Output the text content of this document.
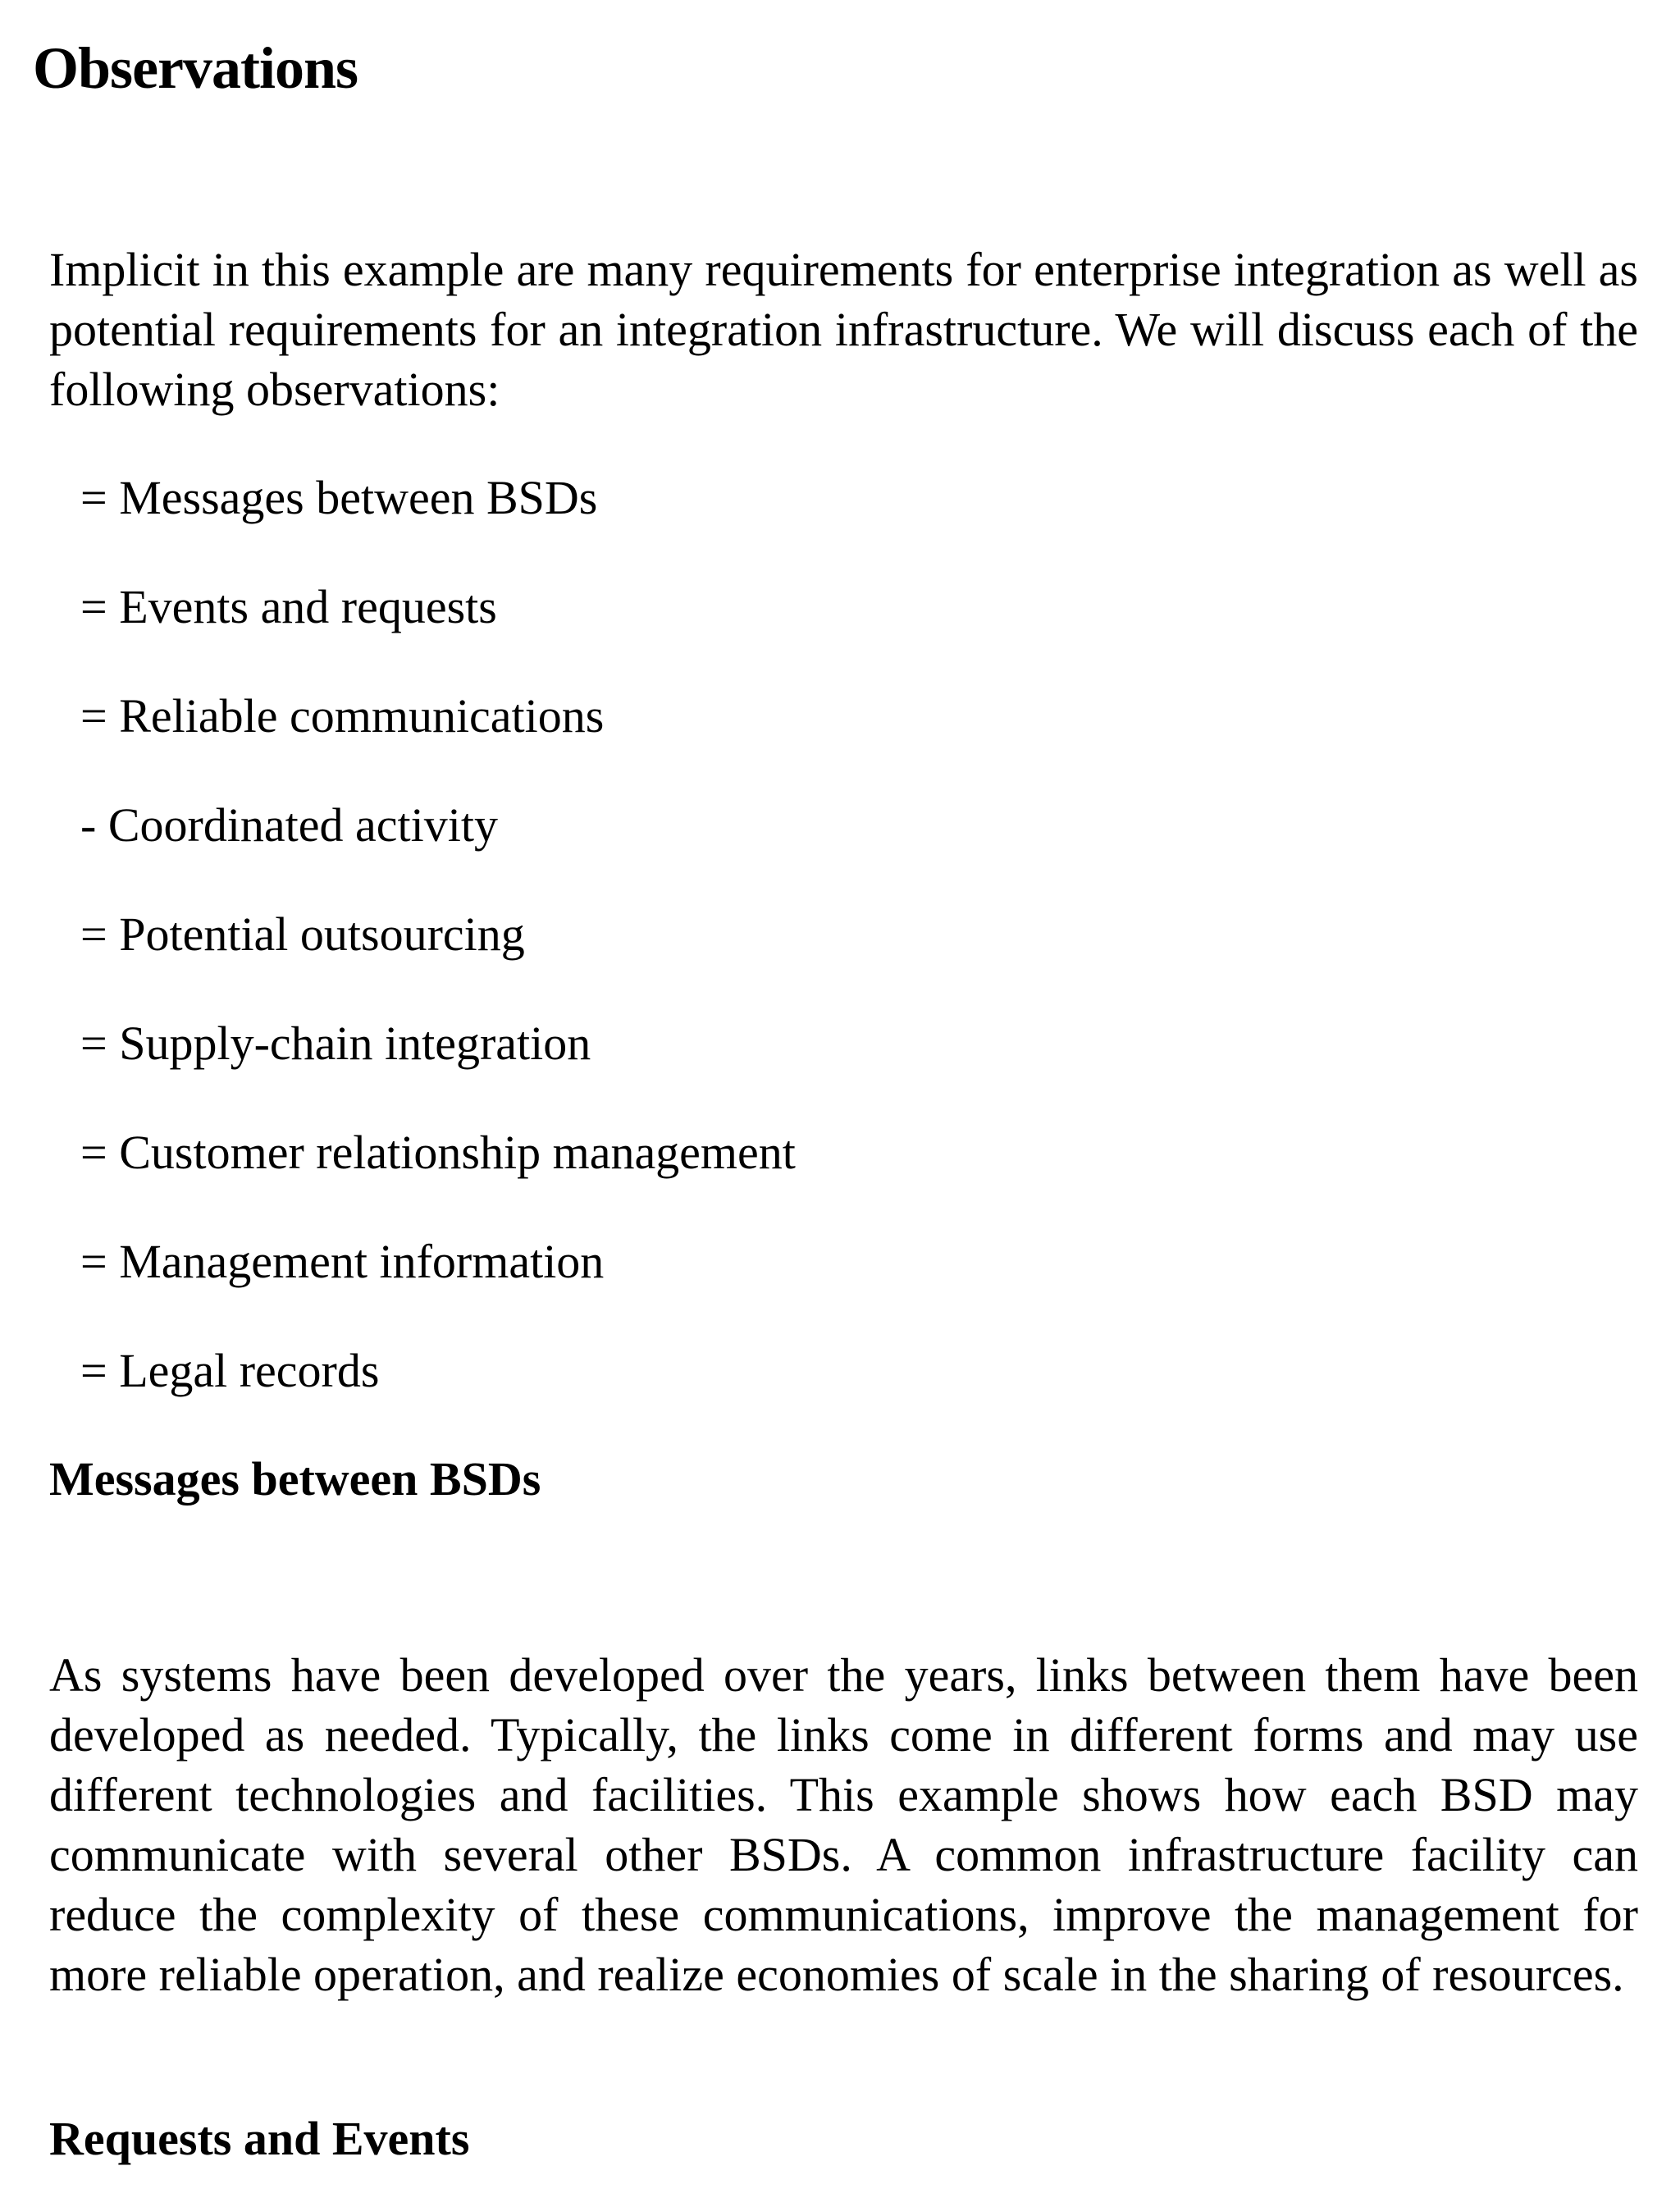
Observations

Implicit in this example are many requirements for enterprise integration as well as potential requirements for an integration infrastructure. We will discuss each of the following observations:

= Messages between BSDs
= Events and requests
= Reliable communications
- Coordinated activity
= Potential outsourcing
= Supply-chain integration
= Customer relationship management
= Management information
= Legal records
Messages between BSDs

As systems have been developed over the years, links between them have been developed as needed. Typically, the links come in different forms and may use different technologies and facilities. This example shows how each BSD may communicate with several other BSDs. A common infrastructure facility can reduce the complexity of these communications, improve the management for more reliable operation, and realize economies of scale in the sharing of resources.

Requests and Events
